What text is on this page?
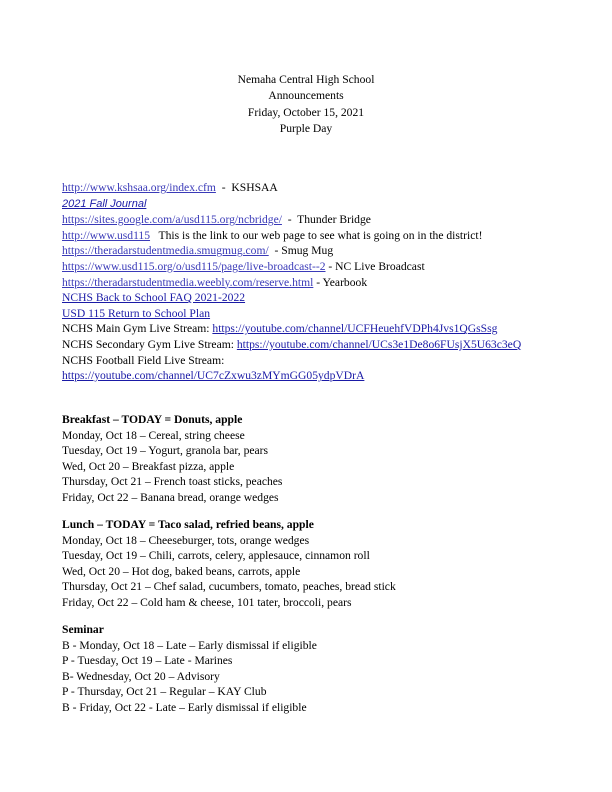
Nemaha Central High School
Announcements
Friday, October 15, 2021
Purple Day
http://www.kshsaa.org/index.cfm  -  KSHSAA
2021 Fall Journal
https://sites.google.com/a/usd115.org/ncbridge/  -  Thunder Bridge
http://www.usd115   This is the link to our web page to see what is going on in the district!
https://theradarstudentmedia.smugmug.com/  - Smug Mug
https://www.usd115.org/o/usd115/page/live-broadcast--2 - NC Live Broadcast
https://theradarstudentmedia.weebly.com/reserve.html - Yearbook
NCHS Back to School FAQ 2021-2022
USD 115 Return to School Plan
NCHS Main Gym Live Stream: https://youtube.com/channel/UCFHeuehfVDPh4Jvs1QGsSsg
NCHS Secondary Gym Live Stream: https://youtube.com/channel/UCs3e1De8o6FUsjX5U63c3eQ
NCHS Football Field Live Stream:
https://youtube.com/channel/UC7cZxwu3zMYmGG05ydpVDrA
Breakfast – TODAY = Donuts, apple
Monday, Oct 18 – Cereal, string cheese
Tuesday, Oct 19 – Yogurt, granola bar, pears
Wed, Oct 20 – Breakfast pizza, apple
Thursday, Oct 21 – French toast sticks, peaches
Friday, Oct 22 – Banana bread, orange wedges
Lunch – TODAY = Taco salad, refried beans, apple
Monday, Oct 18 – Cheeseburger, tots, orange wedges
Tuesday, Oct 19 – Chili, carrots, celery, applesauce, cinnamon roll
Wed, Oct 20 – Hot dog, baked beans, carrots, apple
Thursday, Oct 21 – Chef salad, cucumbers, tomato, peaches, bread stick
Friday, Oct 22 – Cold ham & cheese, 101 tater, broccoli, pears
Seminar
B - Monday, Oct 18 – Late – Early dismissal if eligible
P - Tuesday, Oct 19 – Late - Marines
B- Wednesday, Oct 20 – Advisory
P - Thursday, Oct 21 – Regular – KAY Club
B - Friday, Oct 22 - Late – Early dismissal if eligible
